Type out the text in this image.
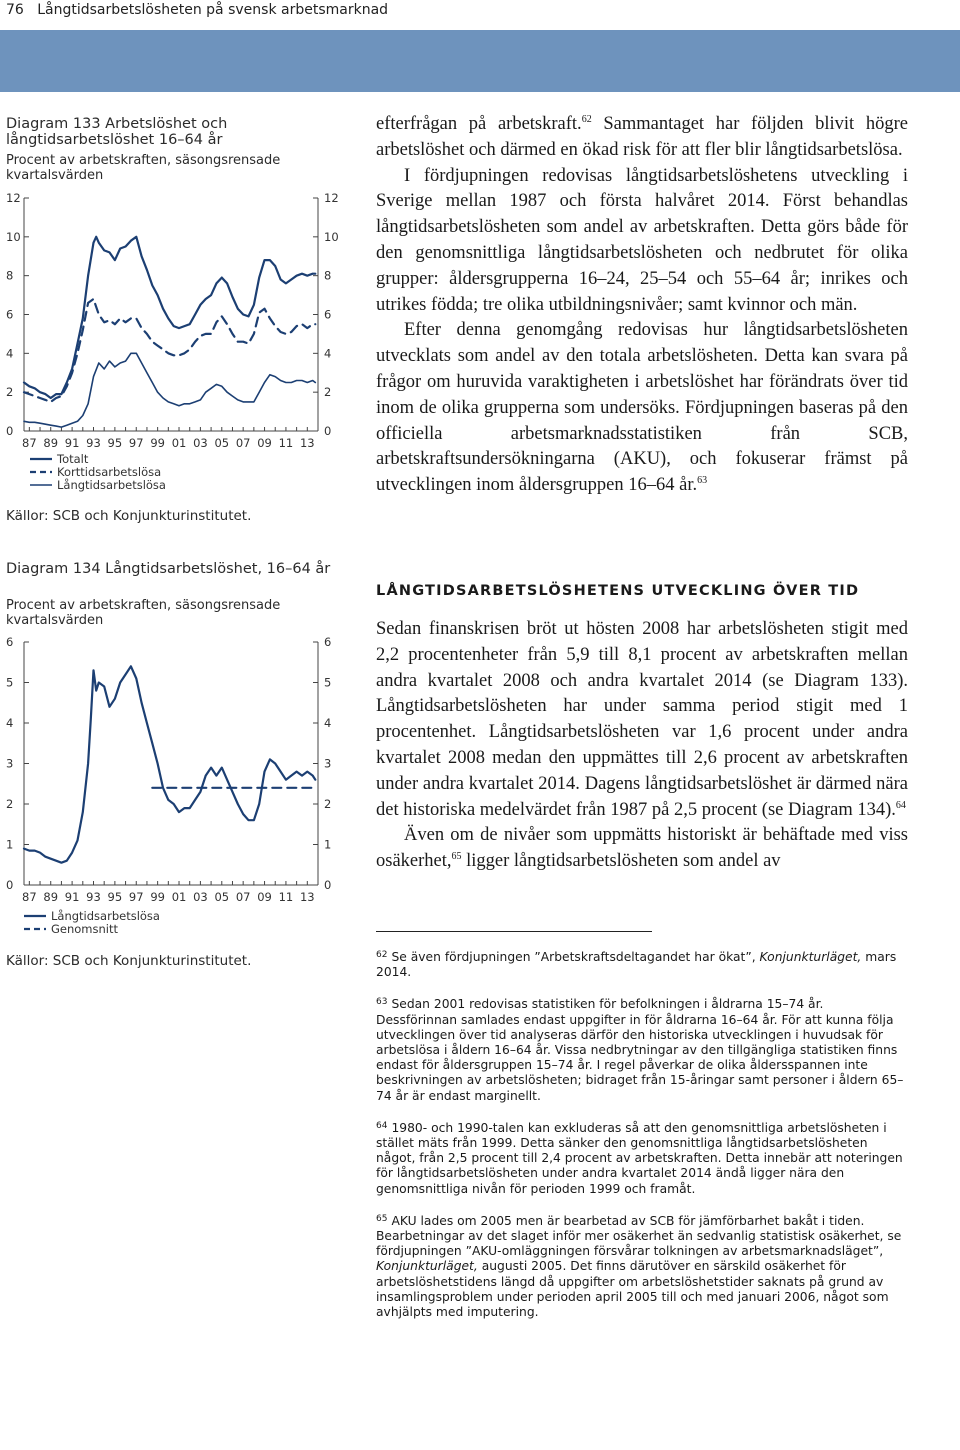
76 Långtidsarbetslösheten på svensk arbetsmarknad
Diagram 133 Arbetslöshet och långtidsarbetslöshet 16–64 år
Procent av arbetskraften, säsongsrensade kvartalsvärden
0	0
2	2
4	4
6	6
8	8
10	10
12	12
87 89 91 93 95 97 99 01 03 05 07 09 11 13
Totalt
Korttidsarbetslösa
Långtidsarbetslösa
Källor: SCB och Konjunkturinstitutet.
Diagram 134 Långtidsarbetslöshet, 16–64 år
Procent av arbetskraften, säsongsrensade kvartalsvärden
0	0
1	1
2	2
3	3
4	4
5	5
6	6
87 89 91 93 95 97 99 01 03 05 07 09 11 13
Långtidsarbetslösa
Genomsnitt
Källor: SCB och Konjunkturinstitutet.

efterfrågan på arbetskraft.$^{62}$ Sammantaget har följden blivit högre arbetslöshet och därmed en ökad risk för att fler blir långtidsarbetslösa.

I fördjupningen redovisas långtidsarbetslöshetens utveckling i Sverige mellan 1987 och första halvåret 2014. Först behandlas långtidsarbetslösheten som andel av arbetskraften. Detta görs både för den genomsnittliga långtidsarbetslösheten och nedbrutet för olika grupper: åldersgrupperna 16–24, 25–54 och 55–64 år; inrikes och utrikes födda; tre olika utbildningsnivåer; samt kvinnor och män.

Efter denna genomgång redovisas hur långtidsarbetslösheten utvecklats som andel av den totala arbetslösheten. Detta kan svara på frågor om huruvida varaktigheten i arbetslöshet har förändrats över tid inom de olika grupperna som undersöks. Fördjupningen baseras på den officiella arbetsmarknadsstatistiken från SCB, arbetskraftsundersökningarna (AKU), och fokuserar främst på utvecklingen inom åldersgruppen 16–64 år.$^{63}$

LÅNGTIDSARBETSLÖSHETENS UTVECKLING ÖVER TID

Sedan finanskrisen bröt ut hösten 2008 har arbetslösheten stigit med 2,2 procentenheter från 5,9 till 8,1 procent av arbetskraften mellan andra kvartalet 2008 och andra kvartalet 2014 (se Diagram 133). Långtidsarbetslösheten har under samma period stigit med 1 procentenhet. Långtidsarbetslösheten var 1,6 procent under andra kvartalet 2008 medan den uppmättes till 2,6 procent av arbetskraften under andra kvartalet 2014. Dagens långtidsarbetslöshet är därmed nära det historiska medelvärdet från 1987 på 2,5 procent (se Diagram 134).$^{64}$

Även om de nivåer som uppmätts historiskt är behäftade med viss osäkerhet,$^{65}$ ligger långtidsarbetslösheten som andel av

$^{62}$ Se även fördjupningen ”Arbetskraftsdeltagandet har ökat”, Konjunkturläget, mars 2014.
$^{63}$ Sedan 2001 redovisas statistiken för befolkningen i åldrarna 15–74 år. Dessförinnan samlades endast uppgifter in för åldrarna 16–64 år. För att kunna följa utvecklingen över tid analyseras därför den historiska utvecklingen i huvudsak för arbetslösa i åldern 16–64 år. Vissa nedbrytningar av den tillgängliga statistiken finns endast för åldersgruppen 15–74 år. I regel påverkar de olika åldersspannen inte beskrivningen av arbetslösheten; bidraget från 15-åringar samt personer i åldern 65–74 år är endast marginellt.
$^{64}$ 1980- och 1990-talen kan exkluderas så att den genomsnittliga arbetslösheten i stället mäts från 1999. Detta sänker den genomsnittliga långtidsarbetslösheten något, från 2,5 procent till 2,4 procent av arbetskraften. Detta innebär att noteringen för långtidsarbetslösheten under andra kvartalet 2014 ändå ligger nära den genomsnittliga nivån för perioden 1999 och framåt.
$^{65}$ AKU lades om 2005 men är bearbetad av SCB för jämförbarhet bakåt i tiden. Bearbetningar av det slaget inför mer osäkerhet än sedvanlig statistisk osäkerhet, se fördjupningen ”AKU-omläggningen försvårar tolkningen av arbetsmarknadsläget”, Konjunkturläget, augusti 2005. Det finns därutöver en särskild osäkerhet för arbetslöshetstidens längd då uppgifter om arbetslöshetstider saknats på grund av insamlingsproblem under perioden april 2005 till och med januari 2006, något som avhjälpts med imputering.
